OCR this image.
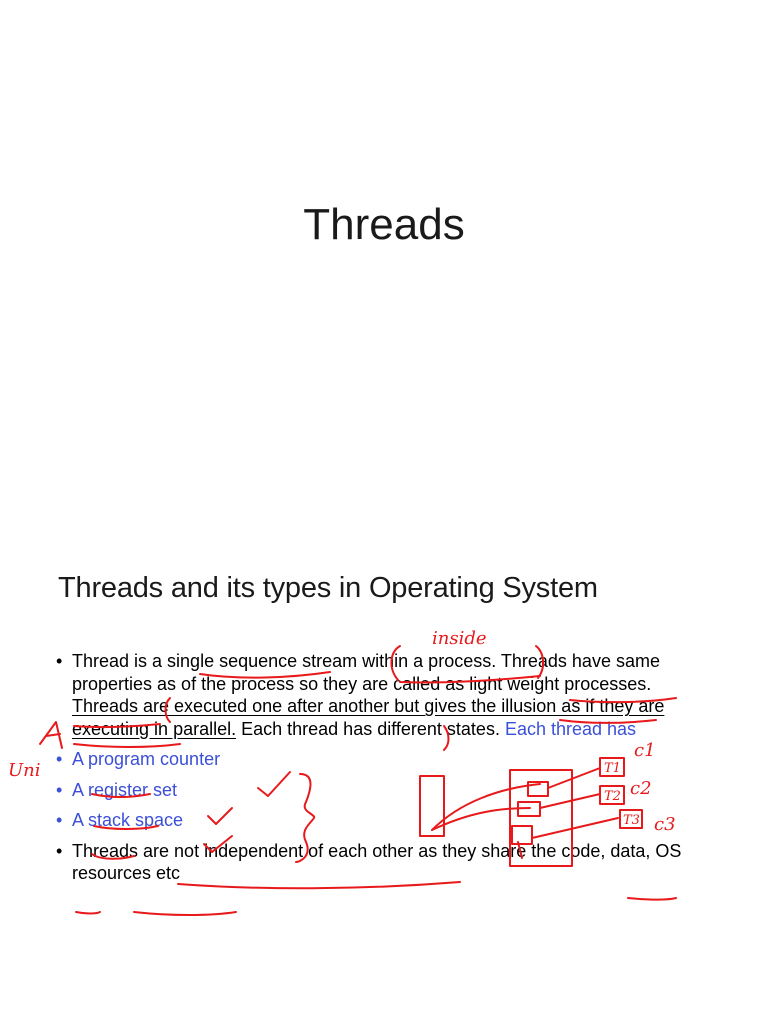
Threads
Threads and its types in Operating System
• Thread is a single sequence stream within a process. Threads have same properties as of the process so they are called as light weight processes. Threads are executed one after another but gives the illusion as if they are executing in parallel. Each thread has different states. Each thread has
• A program counter
• A register set
• A stack space
• Threads are not independent of each other as they share the code, data, OS resources etc
inside
Uni	T1
T2
T3
c1
c2
c3
